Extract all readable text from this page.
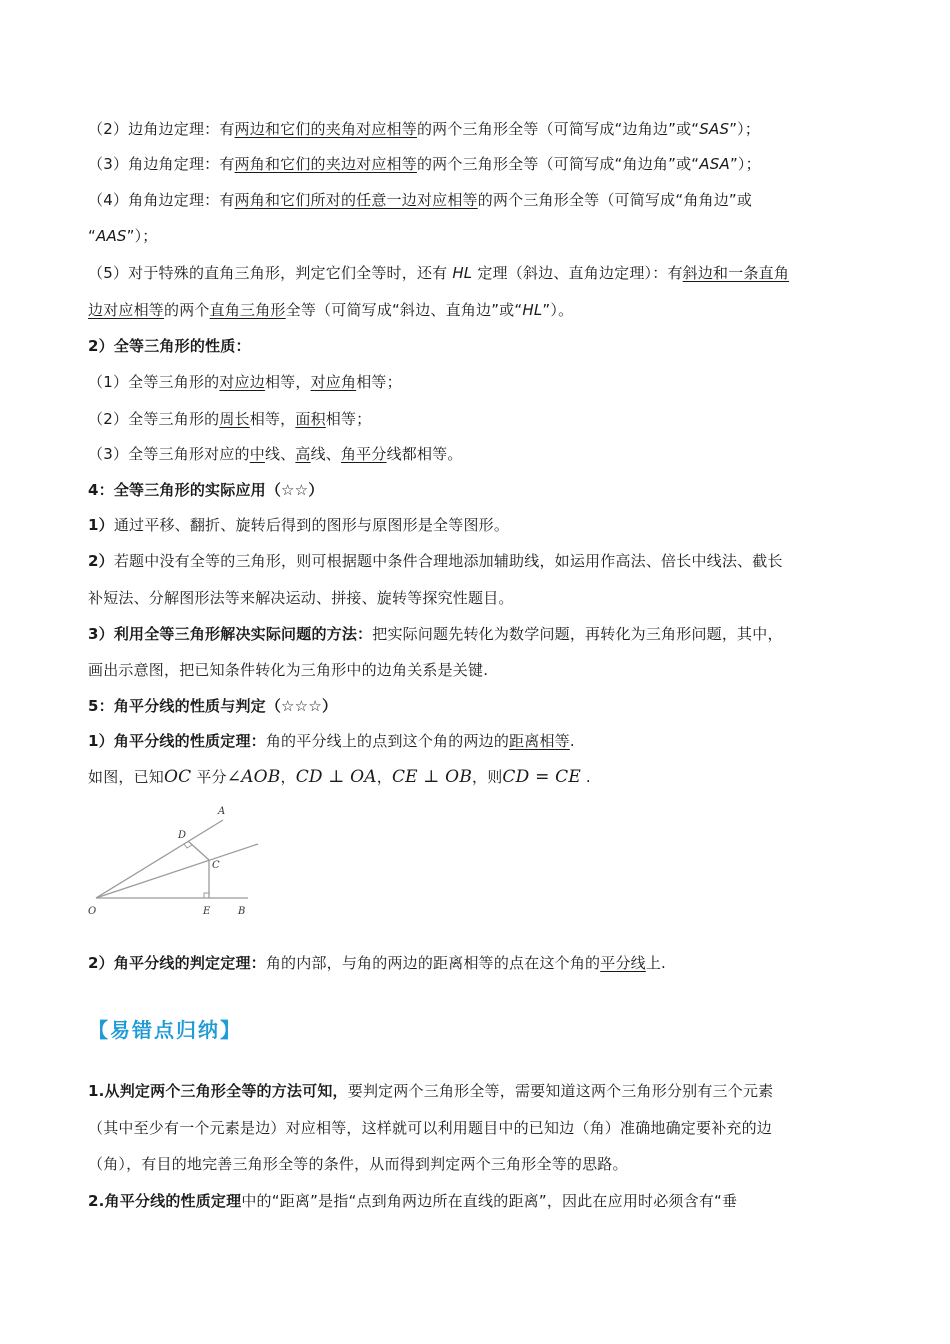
（2）边角边定理：有两边和它们的夹角对应相等的两个三角形全等（可简写成“边角边”或“SAS”）；
（3）角边角定理：有两角和它们的夹边对应相等的两个三角形全等（可简写成“角边角”或“ASA”）；
（4）角角边定理：有两角和它们所对的任意一边对应相等的两个三角形全等（可简写成“角角边”或
“AAS”）；
（5）对于特殊的直角三角形，判定它们全等时，还有 HL 定理（斜边、直角边定理）：有斜边和一条直角
边对应相等的两个直角三角形全等（可简写成“斜边、直角边”或“HL”）。
2）全等三角形的性质：
（1）全等三角形的对应边相等，对应角相等；
（2）全等三角形的周长相等，面积相等；
（3）全等三角形对应的中线、高线、角平分线都相等。
4：全等三角形的实际应用（☆☆）
1）通过平移、翻折、旋转后得到的图形与原图形是全等图形。
2）若题中没有全等的三角形，则可根据题中条件合理地添加辅助线，如运用作高法、倍长中线法、截长
补短法、分解图形法等来解决运动、拼接、旋转等探究性题目。
3）利用全等三角形解决实际问题的方法：把实际问题先转化为数学问题，再转化为三角形问题，其中，
画出示意图，把已知条件转化为三角形中的边角关系是关键.
5：角平分线的性质与判定（☆☆☆）
1）角平分线的性质定理：角的平分线上的点到这个角的两边的距离相等.
如图，已知OC 平分∠AOB，CD ⊥ OA，CE ⊥ OB，则CD = CE .
A
D
C
O	E	B
2）角平分线的判定定理：角的内部，与角的两边的距离相等的点在这个角的平分线上.
【易错点归纳】
1.从判定两个三角形全等的方法可知，要判定两个三角形全等，需要知道这两个三角形分别有三个元素
（其中至少有一个元素是边）对应相等，这样就可以利用题目中的已知边（角）准确地确定要补充的边
（角），有目的地完善三角形全等的条件，从而得到判定两个三角形全等的思路。
2.角平分线的性质定理中的“距离”是指“点到角两边所在直线的距离”，因此在应用时必须含有“垂
